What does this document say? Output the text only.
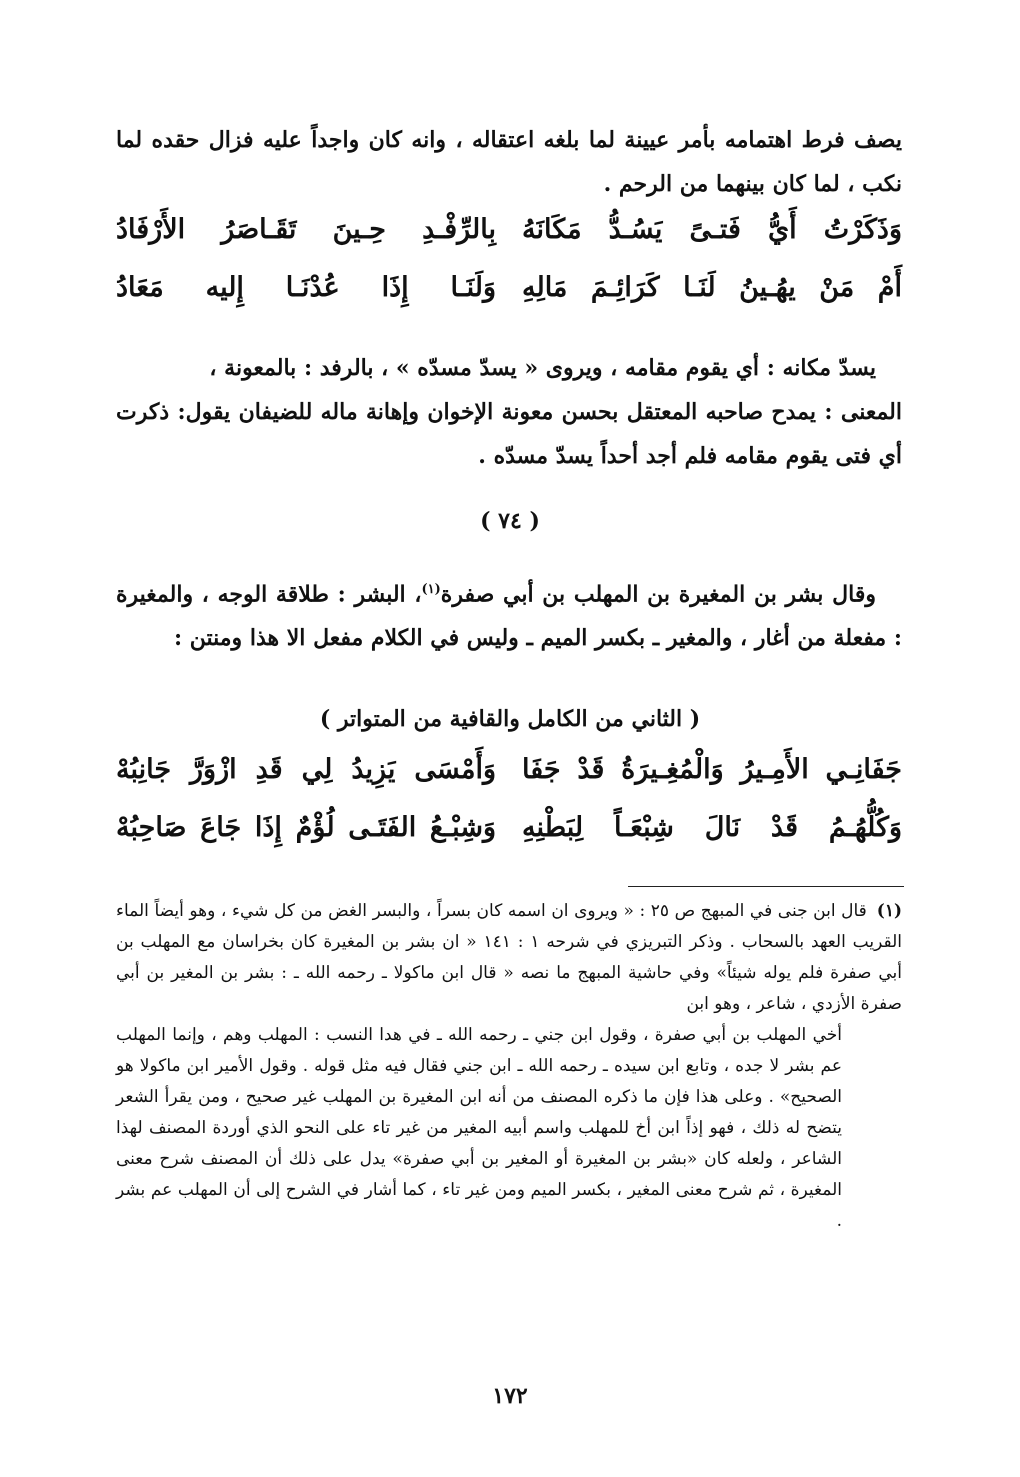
يصف فرط اهتمامه بأمر عيينة لما بلغه اعتقاله ، وانه كان واجداً عليه فزال حقده لما نكب ، لما كان بينهما من الرحم .

وَذَكَرْتُ أَيُّ فَتـىً يَسُـدُّ مَكَانَهُ
بِالرِّفْـدِ حِـينَ تَقَـاصَرُ الأَرْفَادُ
أَمْ مَنْ يهُـينُ لَنَـا كَرَائِـمَ مَالِهِ
وَلَنَـا إِذَا عُدْنَـا إِليه مَعَادُ

يسدّ مكانه : أي يقوم مقامه ، ويروى « يسدّ مسدّه » ، بالرفد : بالمعونة ،

المعنى : يمدح صاحبه المعتقل بحسن معونة الإخوان وإهانة ماله للضيفان يقول: ذكرت أي فتى يقوم مقامه فلم أجد أحداً يسدّ مسدّه .

( ٧٤ )

وقال بشر بن المغيرة بن المهلب بن أبي صفرة$^{(١)}$، البشر : طلاقة الوجه ، والمغيرة : مفعلة من أغار ، والمغير ـ بكسر الميم ـ وليس في الكلام مفعل الا هذا ومنتن :

( الثاني من الكامل والقافية من المتواتر )
جَفَانِـي الأَمِـيرُ وَالْمُغِـيرَةُ قَدْ جَفَا
وَأَمْسَى يَزِيدُ لِي قَدِ ازْوَرَّ جَانِبُهْ
وَكُلُّهُـمُ قَدْ نَالَ شِبْعَـاً لِبَطْنِهِ
وَشِبْـعُ الفَتَـى لُؤْمٌ إِذَا جَاعَ صَاحِبُهْ

(١)قال ابن جنى في المبهج ص ٢٥ : « ويروى ان اسمه كان بسراً ، والبسر الغض من كل شيء ، وهو أيضاً الماء القريب العهد بالسحاب . وذكر التبريزي في شرحه ١ : ١٤١ « ان بشر بن المغيرة كان بخراسان مع المهلب بن أبي صفرة فلم يوله شيئاً» وفي حاشية المبهج ما نصه « قال ابن ماكولا ـ رحمه الله ـ : بشر بن المغير بن أبي صفرة الأزدي ، شاعر ، وهو ابن

أخي المهلب بن أبي صفرة ، وقول ابن جني ـ رحمه الله ـ في هدا النسب : المهلب وهم ، وإنما المهلب عم بشر لا جده ، وتابع ابن سيده ـ رحمه الله ـ ابن جني فقال فيه مثل قوله . وقول الأمير ابن ماكولا هو الصحيح» . وعلى هذا فإن ما ذكره المصنف من أنه ابن المغيرة بن المهلب غير صحيح ، ومن يقرأ الشعر يتضح له ذلك ، فهو إذاً ابن أخ للمهلب واسم أبيه المغير من غير تاء على النحو الذي أوردة المصنف لهذا الشاعر ، ولعله كان «بشر بن المغيرة أو المغير بن أبي صفرة» يدل على ذلك أن المصنف شرح معنى المغيرة ، ثم شرح معنى المغير ، بكسر الميم ومن غير تاء ، كما أشار في الشرح إلى أن المهلب عم بشر .

١٧٢
